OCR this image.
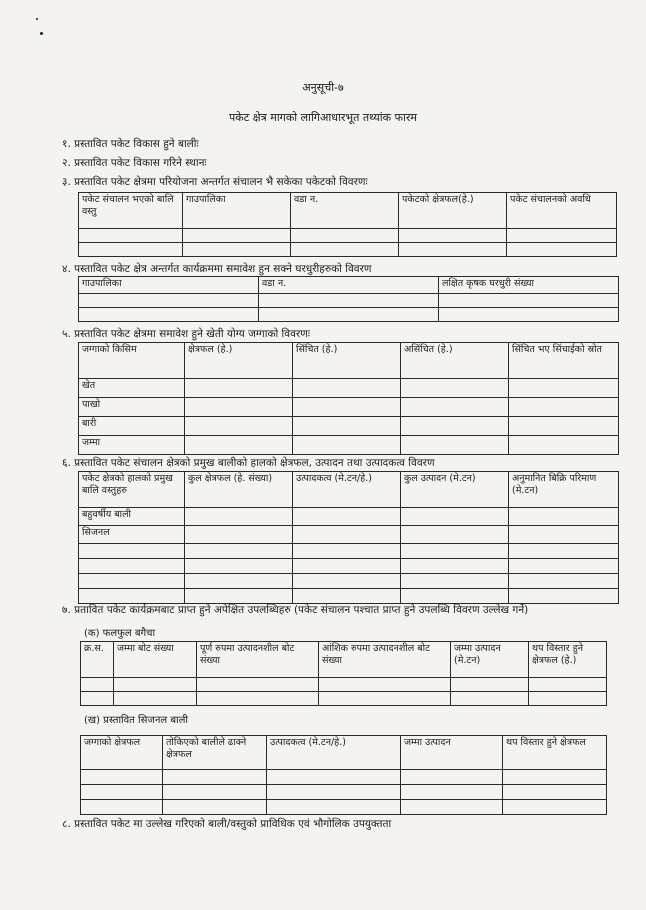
अनुसूची-७
पकेट क्षेत्र मागको लागिआधारभूत तथ्यांक फारम
१. प्रस्तावित पकेट विकास हुने बालीः
२. प्रस्तावित पकेट विकास गरिने स्थानः
३. प्रस्तावित पकेट क्षेत्रमा परियोजना अन्तर्गत संचालन भै सकेका पकेटको विवरणः
पकेट संचालन भएको बालि वस्तु	गाउपालिका	वडा न.	पकेटको क्षेत्रफल(हे.)	पकेट संचालनको अवधि

४. पस्तावित पकेट क्षेत्र अन्तर्गत कार्यक्रममा समावेश हुन सक्ने घरधुरीहरुको विवरण
गाउपालिका	वडा न.	लक्षित कृषक घरधुरी संख्या

५. प्रस्तावित पकेट क्षेत्रमा समावेश हुने खेती योग्य जग्गाको विवरणः
जग्गाको किसिम	क्षेत्रफल (हे.)	सिंचित (हे.)	असिंचित (हे.)	सिंचित भए सिंचाईको स्रोत
खेत				
पाखो				
बारी				
जम्मा				
६. प्रस्तावित पकेट संचालन क्षेत्रको प्रमुख बालीको हालको क्षेत्रफल, उत्पादन तथा उत्पादकत्व विवरण
पकेट क्षेत्रको हालको प्रमुख बालि वस्तुहरु	कुल क्षेत्रफल (हे. संख्या)	उत्पादकत्व (मे.टन/हे.)	कुल उत्पादन (मे.टन)	अनुमानित बिक्रि परिमाण (मे.टन)
बहुवर्षीय बाली				
सिजनल				

७. प्रतावित पकेट कार्यक्रमबाट प्राप्त हुने अपेक्षित उपलब्धिहरु (पकेट संचालन पश्चात प्राप्त हुने उपलब्धि विवरण उल्लेख गर्ने)
(क) फलफुल बगैचा
क्र.स.	जम्मा बोट संख्या	पूर्ण रुपमा उत्पादनशील बोट संख्या	आंशिक रुपमा उत्पादनशील बोट संख्या	जम्मा उत्पादन (मे.टन)	थप विस्तार हुने क्षेत्रफल (हे.)

(ख) प्रस्तावित सिजनल बाली
जग्गाको क्षेत्रफल	तोकिएको बालीले ढाक्ने क्षेत्रफल	उत्पादकत्व (मे.टन/हे.)	जम्मा उत्पादन	थप विस्तार हुने क्षेत्रफल

८. प्रस्तावित पकेट मा उल्लेख गरिएको बाली/वस्तुको प्राविधिक एवं भौगोलिक उपयुक्तता
